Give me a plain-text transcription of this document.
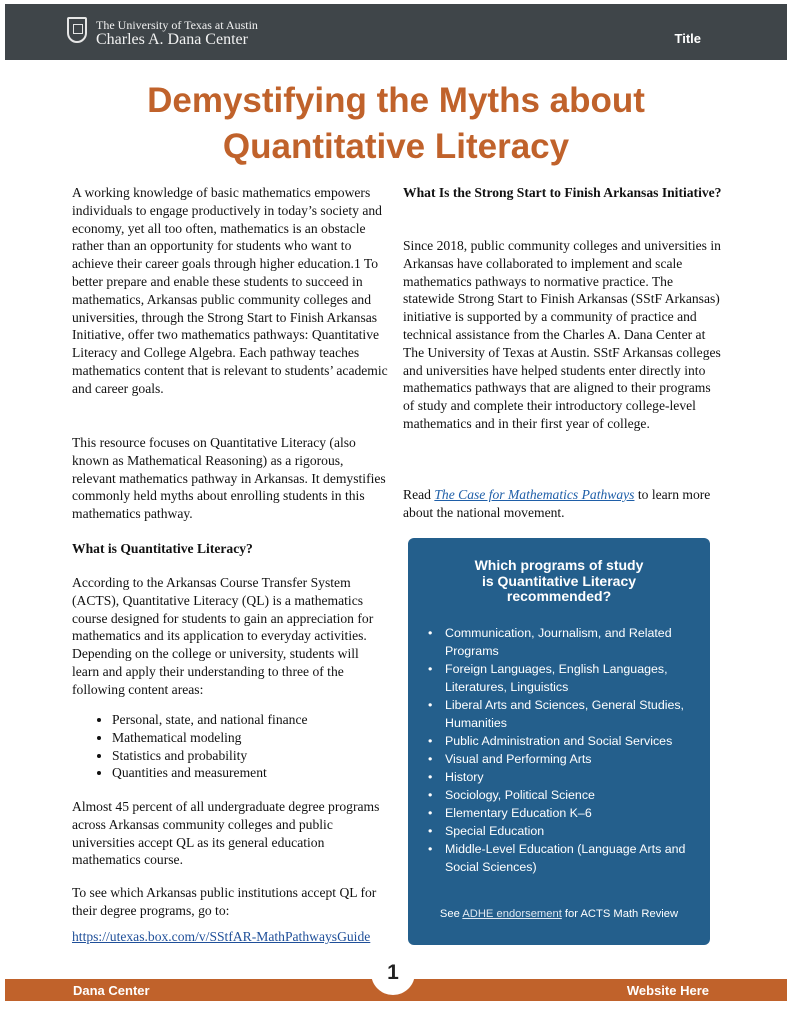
The University of Texas at Austin
Charles A. Dana Center	Title
Demystifying the Myths about
Quantitative Literacy

A working knowledge of basic mathematics empowers individuals to engage productively in today’s society and economy, yet all too often, mathematics is an obstacle rather than an opportunity for students who want to achieve their career goals through higher education.1 To better prepare and enable these students to succeed in mathematics, Arkansas public community colleges and universities, through the Strong Start to Finish Arkansas Initiative, offer two mathematics pathways: Quantitative Literacy and College Algebra. Each pathway teaches mathematics content that is relevant to students’ academic and career goals.

This resource focuses on Quantitative Literacy (also known as Mathematical Reasoning) as a rigorous, relevant mathematics pathway in Arkansas. It demystifies commonly held myths about enrolling students in this mathematics pathway.

What is Quantitative Literacy?

According to the Arkansas Course Transfer System (ACTS), Quantitative Literacy (QL) is a mathematics course designed for students to gain an appreciation for mathematics and its application to everyday activities. Depending on the college or university, students will learn and apply their understanding to three of the following content areas:

• Personal, state, and national finance
• Mathematical modeling
• Statistics and probability
• Quantities and measurement

Almost 45 percent of all undergraduate degree programs across Arkansas community colleges and public universities accept QL as its general education mathematics course.

To see which Arkansas public institutions accept QL for their degree programs, go to:

https://utexas.box.com/v/SStfAR-MathPathwaysGuide
What Is the Strong Start to Finish Arkansas Initiative?

Since 2018, public community colleges and universities in Arkansas have collaborated to implement and scale mathematics pathways to normative practice. The statewide Strong Start to Finish Arkansas (SStF Arkansas) initiative is supported by a community of practice and technical assistance from the Charles A. Dana Center at The University of Texas at Austin. SStF Arkansas colleges and universities have helped students enter directly into mathematics pathways that are aligned to their programs of study and complete their introductory college-level mathematics and in their first year of college.

Read The Case for Mathematics Pathways to learn more about the national movement.

Which programs of study
is Quantitative Literacy
recommended?
• Communication, Journalism, and Related Programs
• Foreign Languages, English Languages, Literatures, Linguistics
• Liberal Arts and Sciences, General Studies, Humanities
• Public Administration and Social Services
• Visual and Performing Arts
• History
• Sociology, Political Science
• Elementary Education K–6
• Special Education
• Middle-Level Education (Language Arts and Social Sciences)
See ADHE endorsement for ACTS Math Review
Dana Center	Website Here
1
